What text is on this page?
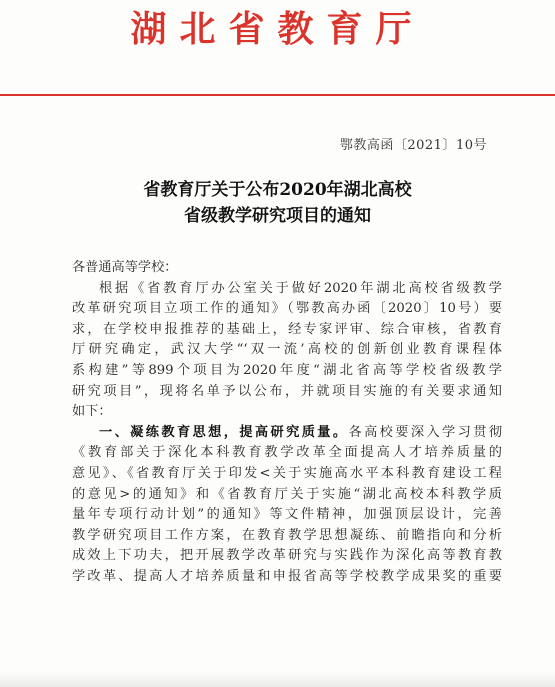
湖北省教育厅
鄂教高函〔2021〕10号
省教育厅关于公布2020年湖北高校
省级教学研究项目的通知
各普通高等学校：
根据《省教育厅办公室关于做好2020年湖北高校省级教学
改革研究项目立项工作的通知》（鄂教高办函〔2020〕10号）要
求，在学校申报推荐的基础上，经专家评审、综合审核，省教育
厅研究确定，武汉大学“‘双一流’高校的创新创业教育课程体
系构建”等899个项目为2020年度“湖北省高等学校省级教学
研究项目”，现将名单予以公布，并就项目实施的有关要求通知
如下：
一、凝练教育思想，提高研究质量。各高校要深入学习贯彻
《教育部关于深化本科教育教学改革全面提高人才培养质量的
意见》、《省教育厅关于印发<关于实施高水平本科教育建设工程
的意见>的通知》和《省教育厅关于实施“湖北高校本科教学质
量年专项行动计划”的通知》等文件精神，加强顶层设计，完善
教学研究项目工作方案，在教育教学思想凝练、前瞻指向和分析
成效上下功夫，把开展教学改革研究与实践作为深化高等教育教
学改革、提高人才培养质量和申报省高等学校教学成果奖的重要
